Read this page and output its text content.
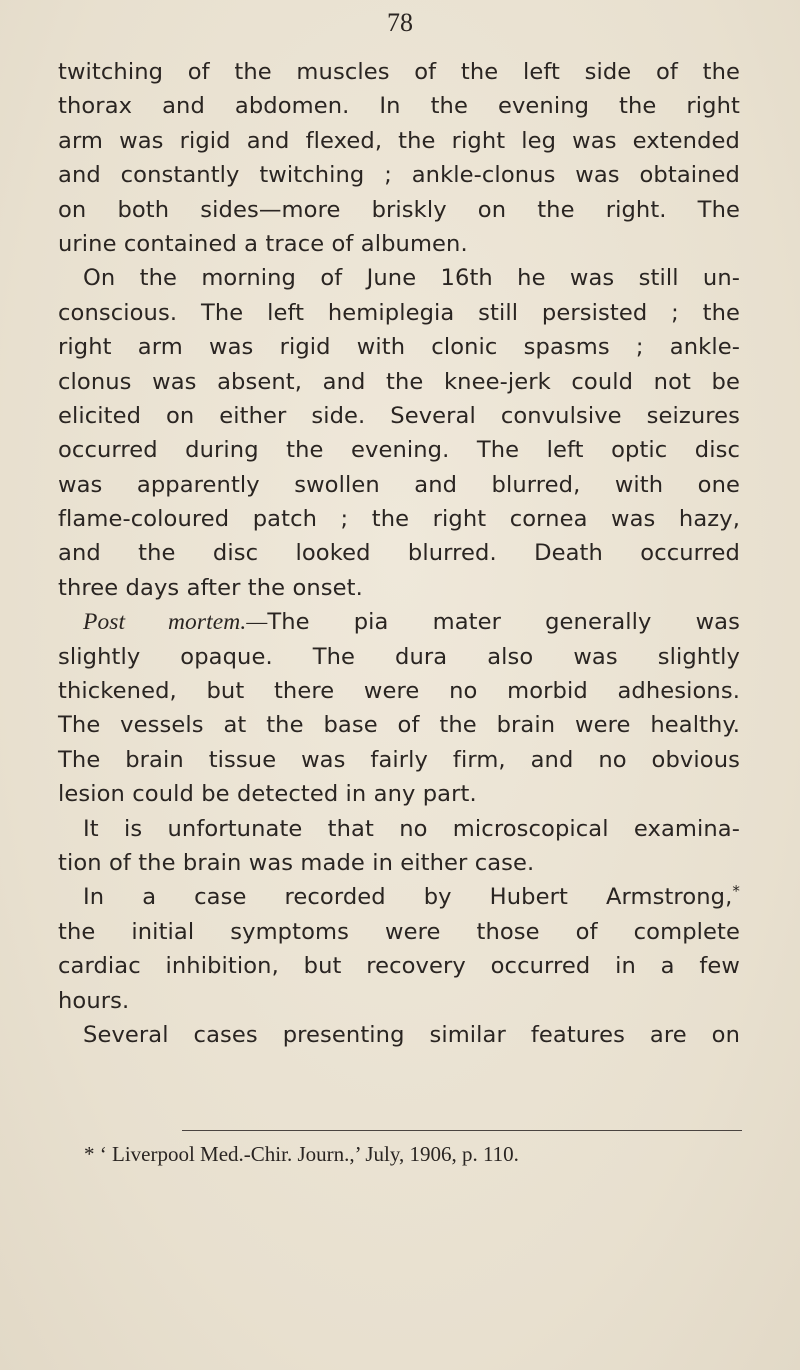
78
twitching of the muscles of the left side of the
thorax and abdomen. In the evening the right
arm was rigid and flexed, the right leg was extended
and constantly twitching ; ankle-clonus was obtained
on both sides—more briskly on the right. The
urine contained a trace of albumen.
On the morning of June 16th he was still un-
conscious. The left hemiplegia still persisted ; the
right arm was rigid with clonic spasms ; ankle-
clonus was absent, and the knee-jerk could not be
elicited on either side. Several convulsive seizures
occurred during the evening. The left optic disc
was apparently swollen and blurred, with one
flame-coloured patch ; the right cornea was hazy,
and the disc looked blurred. Death occurred
three days after the onset.
Post mortem.—The pia mater generally was
slightly opaque. The dura also was slightly
thickened, but there were no morbid adhesions.
The vessels at the base of the brain were healthy.
The brain tissue was fairly firm, and no obvious
lesion could be detected in any part.
It is unfortunate that no microscopical examina-
tion of the brain was made in either case.
In a case recorded by Hubert Armstrong,*
the initial symptoms were those of complete
cardiac inhibition, but recovery occurred in a few
hours.
Several cases presenting similar features are on
* ‘ Liverpool Med.-Chir. Journ.,’ July, 1906, p. 110.
